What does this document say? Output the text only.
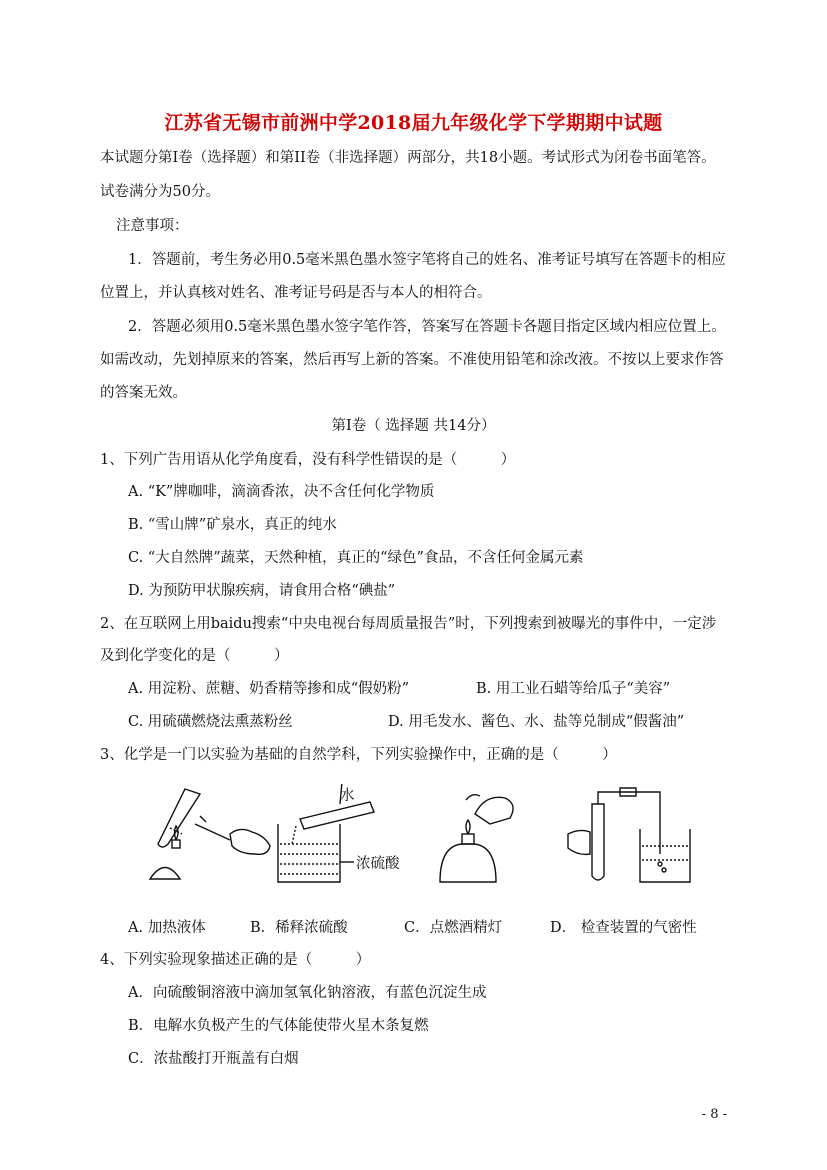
江苏省无锡市前洲中学2018届九年级化学下学期期中试题
本试题分第Ⅰ卷（选择题）和第II卷（非选择题）两部分，共18小题。考试形式为闭卷书面笔答。
试卷满分为50分。
注意事项：
1．答题前，考生务必用0.5毫米黑色墨水签字笔将自己的姓名、准考证号填写在答题卡的相应
位置上，并认真核对姓名、准考证号码是否与本人的相符合。
2．答题必须用0.5毫米黑色墨水签字笔作答，答案写在答题卡各题目指定区域内相应位置上。
如需改动，先划掉原来的答案，然后再写上新的答案。不准使用铅笔和涂改液。不按以上要求作答
的答案无效。
第Ⅰ卷（ 选择题 共14分）
1、下列广告用语从化学角度看，没有科学性错误的是（　　　）
A. “K”牌咖啡，滴滴香浓，决不含任何化学物质
B. “雪山牌”矿泉水，真正的纯水
C. “大自然牌”蔬菜，天然种植，真正的“绿色”食品，不含任何金属元素
D. 为预防甲状腺疾病，请食用合格“碘盐”
2、在互联网上用baidu搜索“中央电视台每周质量报告”时，下列搜索到被曝光的事件中，一定涉
及到化学变化的是（　　　）
A. 用淀粉、蔗糖、奶香精等掺和成“假奶粉”	B. 用工业石蜡等给瓜子“美容”
C. 用硫磺燃烧法熏蒸粉丝	D. 用毛发水、酱色、水、盐等兑制成“假酱油”
3、化学是一门以实验为基础的自然学科，下列实验操作中，正确的是（　　　）
水
浓硫酸
A. 加热液体	B．稀释浓硫酸	C．点燃酒精灯	D． 检查装置的气密性
4、下列实验现象描述正确的是（　　　）
A．向硫酸铜溶液中滴加氢氧化钠溶液，有蓝色沉淀生成
B．电解水负极产生的气体能使带火星木条复燃
C．浓盐酸打开瓶盖有白烟
- 8 -
